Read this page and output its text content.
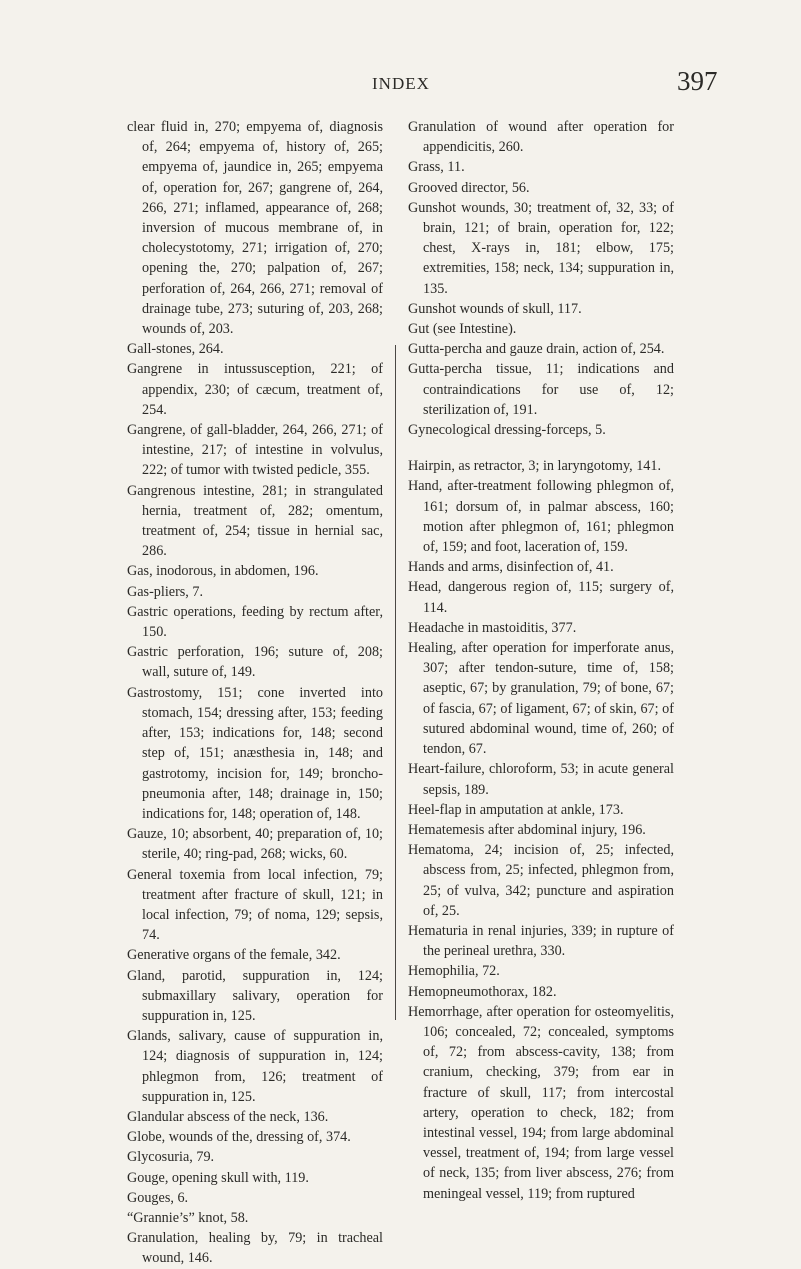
INDEX	397

clear fluid in, 270; empyema of, diagnosis of, 264; empyema of, history of, 265; empyema of, jaundice in, 265; empyema of, operation for, 267; gangrene of, 264, 266, 271; inflamed, appearance of, 268; inversion of mucous membrane of, in cholecystotomy, 271; irrigation of, 270; opening the, 270; palpation of, 267; perforation of, 264, 266, 271; removal of drainage tube, 273; suturing of, 203, 268; wounds of, 203.

Gall-stones, 264.

Gangrene in intussusception, 221; of appendix, 230; of cæcum, treatment of, 254.

Gangrene, of gall-bladder, 264, 266, 271; of intestine, 217; of intestine in volvulus, 222; of tumor with twisted pedicle, 355.

Gangrenous intestine, 281; in strangulated hernia, treatment of, 282; omentum, treatment of, 254; tissue in hernial sac, 286.

Gas, inodorous, in abdomen, 196.

Gas-pliers, 7.

Gastric operations, feeding by rectum after, 150.

Gastric perforation, 196; suture of, 208; wall, suture of, 149.

Gastrostomy, 151; cone inverted into stomach, 154; dressing after, 153; feeding after, 153; indications for, 148; second step of, 151; anæsthesia in, 148; and gastrotomy, incision for, 149; broncho-pneumonia after, 148; drainage in, 150; indications for, 148; operation of, 148.

Gauze, 10; absorbent, 40; preparation of, 10; sterile, 40; ring-pad, 268; wicks, 60.

General toxemia from local infection, 79; treatment after fracture of skull, 121; in local infection, 79; of noma, 129; sepsis, 74.

Generative organs of the female, 342.

Gland, parotid, suppuration in, 124; submaxillary salivary, operation for suppuration in, 125.

Glands, salivary, cause of suppuration in, 124; diagnosis of suppuration in, 124; phlegmon from, 126; treatment of suppuration in, 125.

Glandular abscess of the neck, 136.

Globe, wounds of the, dressing of, 374.

Glycosuria, 79.

Gouge, opening skull with, 119.

Gouges, 6.

“Grannie’s” knot, 58.

Granulation, healing by, 79; in tracheal wound, 146.

Granulation of wound after operation for appendicitis, 260.

Grass, 11.

Grooved director, 56.

Gunshot wounds, 30; treatment of, 32, 33; of brain, 121; of brain, operation for, 122; chest, X-rays in, 181; elbow, 175; extremities, 158; neck, 134; suppuration in, 135.

Gunshot wounds of skull, 117.

Gut (see Intestine).

Gutta-percha and gauze drain, action of, 254.

Gutta-percha tissue, 11; indications and contraindications for use of, 12; sterilization of, 191.

Gynecological dressing-forceps, 5.

Hairpin, as retractor, 3; in laryngotomy, 141.

Hand, after-treatment following phlegmon of, 161; dorsum of, in palmar abscess, 160; motion after phlegmon of, 161; phlegmon of, 159; and foot, laceration of, 159.

Hands and arms, disinfection of, 41.

Head, dangerous region of, 115; surgery of, 114.

Headache in mastoiditis, 377.

Healing, after operation for imperforate anus, 307; after tendon-suture, time of, 158; aseptic, 67; by granulation, 79; of bone, 67; of fascia, 67; of ligament, 67; of skin, 67; of sutured abdominal wound, time of, 260; of tendon, 67.

Heart-failure, chloroform, 53; in acute general sepsis, 189.

Heel-flap in amputation at ankle, 173.

Hematemesis after abdominal injury, 196.

Hematoma, 24; incision of, 25; infected, abscess from, 25; infected, phlegmon from, 25; of vulva, 342; puncture and aspiration of, 25.

Hematuria in renal injuries, 339; in rupture of the perineal urethra, 330.

Hemophilia, 72.

Hemopneumothorax, 182.

Hemorrhage, after operation for osteomyelitis, 106; concealed, 72; concealed, symptoms of, 72; from abscess-cavity, 138; from cranium, checking, 379; from ear in fracture of skull, 117; from intercostal artery, operation to check, 182; from intestinal vessel, 194; from large abdominal vessel, treatment of, 194; from large vessel of neck, 135; from liver abscess, 276; from meningeal vessel, 119; from ruptured
